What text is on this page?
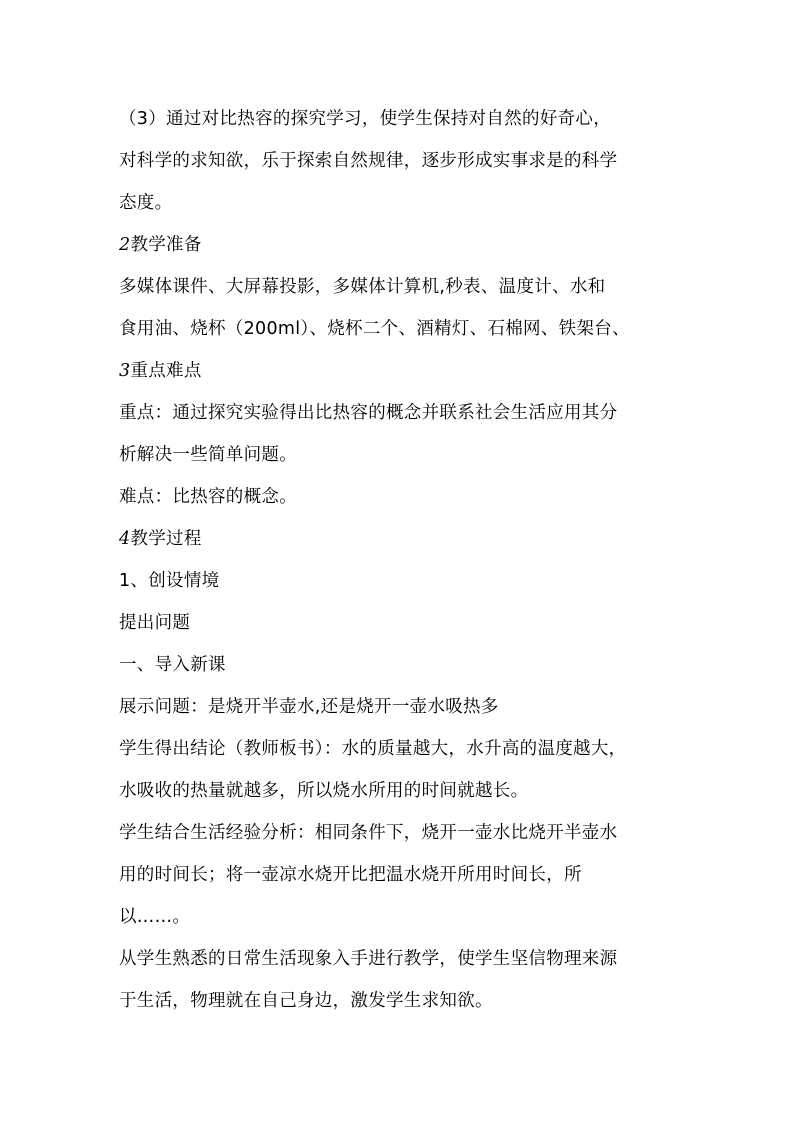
（3）通过对比热容的探究学习，使学生保持对自然的好奇心，
对科学的求知欲，乐于探索自然规律，逐步形成实事求是的科学
态度。
2教学准备
多媒体课件、大屏幕投影，多媒体计算机,秒表、温度计、水和
食用油、烧杯（200ml）、烧杯二个、酒精灯、石棉网、铁架台、
3重点难点
重点：通过探究实验得出比热容的概念并联系社会生活应用其分
析解决一些简单问题。
难点：比热容的概念。
4教学过程
1、创设情境
提出问题
一、导入新课
展示问题：是烧开半壶水,还是烧开一壶水吸热多
学生得出结论（教师板书）：水的质量越大，水升高的温度越大，
水吸收的热量就越多，所以烧水所用的时间就越长。
学生结合生活经验分析：相同条件下，烧开一壶水比烧开半壶水
用的时间长；将一壶凉水烧开比把温水烧开所用时间长，所
以……。
从学生熟悉的日常生活现象入手进行教学，使学生坚信物理来源
于生活，物理就在自己身边，激发学生求知欲。
